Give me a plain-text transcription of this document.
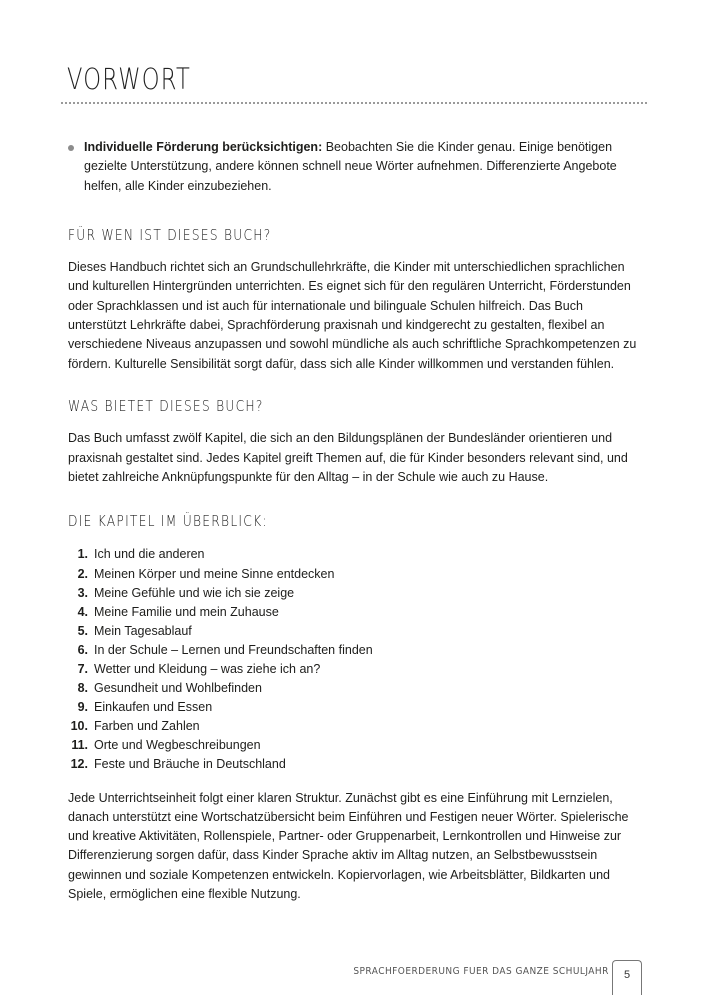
VORWORT
Individuelle Förderung berücksichtigen: Beobachten Sie die Kinder genau. Einige benötigen gezielte Unterstützung, andere können schnell neue Wörter aufnehmen. Differenzierte Angebote helfen, alle Kinder einzubeziehen.
FÜR WEN IST DIESES BUCH?

Dieses Handbuch richtet sich an Grundschullehrkräfte, die Kinder mit unterschiedlichen sprachlichen und kulturellen Hintergründen unterrichten. Es eignet sich für den regulären Unterricht, Förderstunden oder Sprachklassen und ist auch für internationale und bilinguale Schulen hilfreich. Das Buch unterstützt Lehrkräfte dabei, Sprachförderung praxisnah und kindgerecht zu gestalten, flexibel an verschiedene Niveaus anzupassen und sowohl mündliche als auch schriftliche Sprachkompetenzen zu fördern. Kulturelle Sensibilität sorgt dafür, dass sich alle Kinder willkommen und verstanden fühlen.

WAS BIETET DIESES BUCH?

Das Buch umfasst zwölf Kapitel, die sich an den Bildungsplänen der Bundesländer orientieren und praxisnah gestaltet sind. Jedes Kapitel greift Themen auf, die für Kinder besonders relevant sind, und bietet zahlreiche Anknüpfungspunkte für den Alltag – in der Schule wie auch zu Hause.

DIE KAPITEL IM ÜBERBLICK:
1. Ich und die anderen
2. Meinen Körper und meine Sinne entdecken
3. Meine Gefühle und wie ich sie zeige
4. Meine Familie und mein Zuhause
5. Mein Tagesablauf
6. In der Schule – Lernen und Freundschaften finden
7. Wetter und Kleidung – was ziehe ich an?
8. Gesundheit und Wohlbefinden
9. Einkaufen und Essen
10. Farben und Zahlen
11. Orte und Wegbeschreibungen
12. Feste und Bräuche in Deutschland

Jede Unterrichtseinheit folgt einer klaren Struktur. Zunächst gibt es eine Einführung mit Lernzielen, danach unterstützt eine Wortschatzübersicht beim Einführen und Festigen neuer Wörter. Spielerische und kreative Aktivitäten, Rollenspiele, Partner- oder Gruppenarbeit, Lernkontrollen und Hinweise zur Differenzierung sorgen dafür, dass Kinder Sprache aktiv im Alltag nutzen, an Selbstbewusstsein gewinnen und soziale Kompetenzen entwickeln. Kopiervorlagen, wie Arbeitsblätter, Bildkarten und Spiele, ermöglichen eine flexible Nutzung.

SPRACHFOERDERUNG FUER DAS GANZE SCHULJAHR	5
